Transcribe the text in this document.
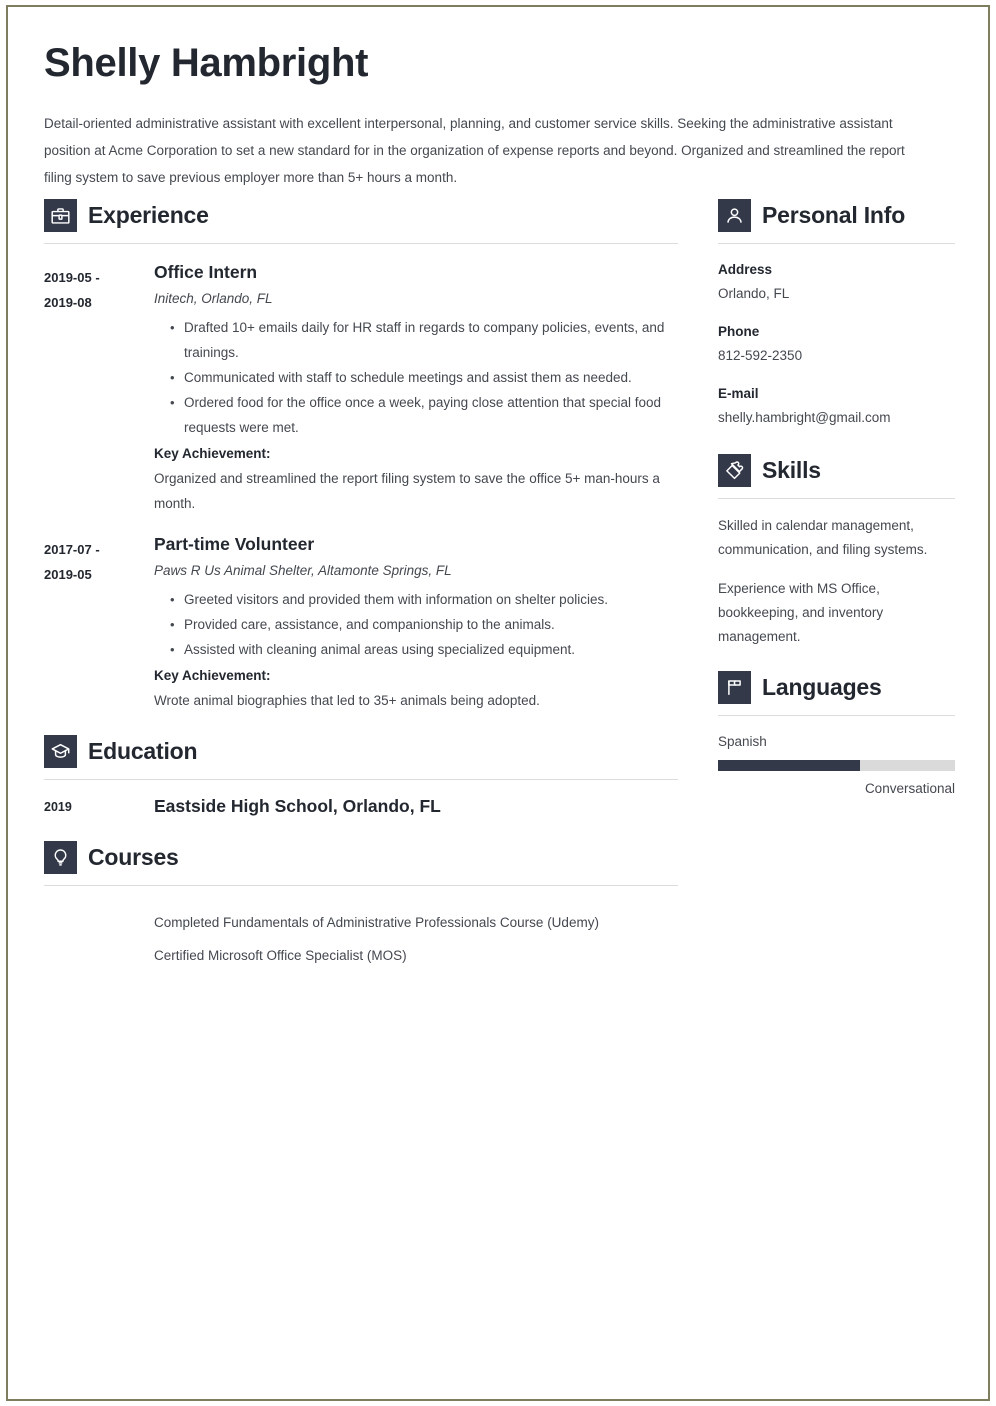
Shelly Hambright
Detail-oriented administrative assistant with excellent interpersonal, planning, and customer service skills. Seeking the administrative assistant position at Acme Corporation to set a new standard for in the organization of expense reports and beyond. Organized and streamlined the report filing system to save previous employer more than 5+ hours a month.
Experience
2019-05 -
2019-08
Office Intern
Initech, Orlando, FL
• Drafted 10+ emails daily for HR staff in regards to company policies, events, and trainings.
• Communicated with staff to schedule meetings and assist them as needed.
• Ordered food for the office once a week, paying close attention that special food requests were met.
Key Achievement:
Organized and streamlined the report filing system to save the office 5+ man-hours a month.
2017-07 -
2019-05
Part-time Volunteer
Paws R Us Animal Shelter, Altamonte Springs, FL
• Greeted visitors and provided them with information on shelter policies.
• Provided care, assistance, and companionship to the animals.
• Assisted with cleaning animal areas using specialized equipment.
Key Achievement:
Wrote animal biographies that led to 35+ animals being adopted.
Education
2019	Eastside High School, Orlando, FL
Courses
Completed Fundamentals of Administrative Professionals Course (Udemy)
Certified Microsoft Office Specialist (MOS)
Personal Info
Address
Orlando, FL
Phone
812-592-2350
E-mail
shelly.hambright@gmail.com
Skills
Skilled in calendar management, communication, and filing systems.
Experience with MS Office, bookkeeping, and inventory management.
Languages
Spanish
Conversational
